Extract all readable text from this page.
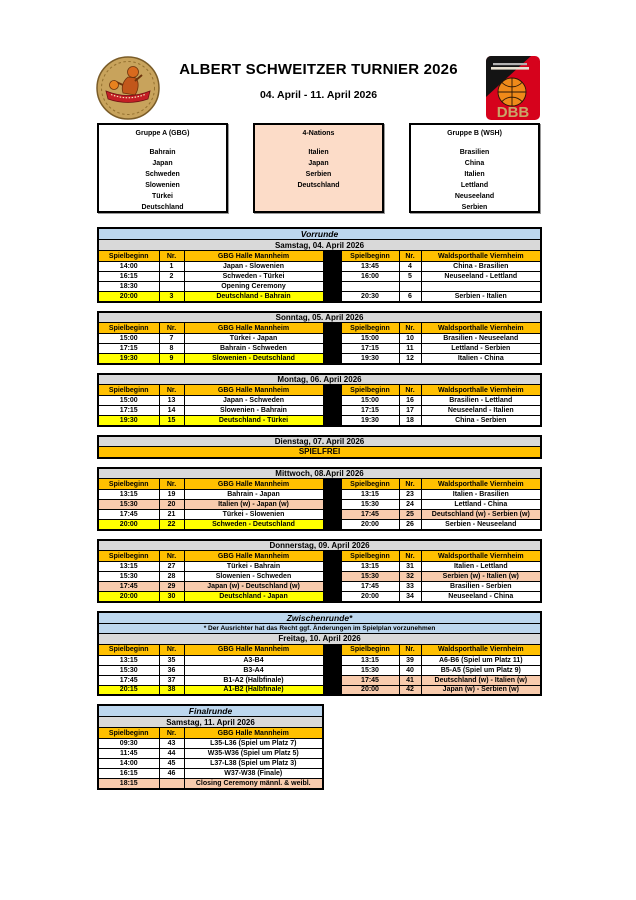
ALBERT SCHWEITZER TURNIER 2026
04. April - 11. April 2026
DBB
Gruppe A (GBG)
Bahrain
Japan
Schweden
Slowenien
Türkei
Deutschland
4-Nations
Italien
Japan
Serbien
Deutschland
Gruppe B (WSH)
Brasilien
China
Italien
Lettland
Neuseeland
Serbien
Vorrunde						
Samstag, 04. April 2026						
Spielbeginn	Nr.	GBG Halle Mannheim		Spielbeginn	Nr.	Waldsporthalle Viernheim
14:00	1	Japan - Slowenien		13:45	4	China - Brasilien
16:15	2	Schweden - Türkei		16:00	5	Neuseeland - Lettland
18:30		Opening Ceremony				
20:00	3	Deutschland - Bahrain		20:30	6	Serbien - Italien
Sonntag, 05. April 2026						
Spielbeginn	Nr.	GBG Halle Mannheim		Spielbeginn	Nr.	Waldsporthalle Viernheim
15:00	7	Türkei - Japan		15:00	10	Brasilien - Neuseeland
17:15	8	Bahrain - Schweden		17:15	11	Lettland - Serbien
19:30	9	Slowenien - Deutschland		19:30	12	Italien - China
Montag, 06. April 2026						
Spielbeginn	Nr.	GBG Halle Mannheim		Spielbeginn	Nr.	Waldsporthalle Viernheim
15:00	13	Japan - Schweden		15:00	16	Brasilien - Lettland
17:15	14	Slowenien - Bahrain		17:15	17	Neuseeland - Italien
19:30	15	Deutschland - Türkei		19:30	18	China - Serbien
Dienstag, 07. April 2026
SPIELFREI
Mittwoch, 08.April 2026						
Spielbeginn	Nr.	GBG Halle Mannheim		Spielbeginn	Nr.	Waldsporthalle Viernheim
13:15	19	Bahrain - Japan		13:15	23	Italien - Brasilien
15:30	20	Italien (w) - Japan (w)		15:30	24	Lettland - China
17:45	21	Türkei - Slowenien		17:45	25	Deutschland (w) - Serbien (w)
20:00	22	Schweden - Deutschland		20:00	26	Serbien - Neuseeland
Donnerstag, 09. April 2026						
Spielbeginn	Nr.	GBG Halle Mannheim		Spielbeginn	Nr.	Waldsporthalle Viernheim
13:15	27	Türkei - Bahrain		13:15	31	Italien - Lettland
15:30	28	Slowenien - Schweden		15:30	32	Serbien (w) - Italien (w)
17:45	29	Japan (w) - Deutschland (w)		17:45	33	Brasilien - Serbien
20:00	30	Deutschland - Japan		20:00	34	Neuseeland - China
Zwischenrunde*						
* Der Ausrichter hat das Recht ggf. Änderungen im Spielplan vorzunehmen						
Freitag, 10. April 2026						
Spielbeginn	Nr.	GBG Halle Mannheim		Spielbeginn	Nr.	Waldsporthalle Viernheim
13:15	35	A3-B4		13:15	39	A6-B6 (Spiel um Platz 11)
15:30	36	B3-A4		15:30	40	B5-A5 (Spiel um Platz 9)
17:45	37	B1-A2 (Halbfinale)		17:45	41	Deutschland (w) - Italien (w)
20:15	38	A1-B2 (Halbfinale)		20:00	42	Japan (w) - Serbien (w)
Finalrunde		
Samstag, 11. April 2026		
Spielbeginn	Nr.	GBG Halle Mannheim
09:30	43	L35-L36 (Spiel um Platz 7)
11:45	44	W35-W36 (Spiel um Platz 5)
14:00	45	L37-L38 (Spiel um Platz 3)
16:15	46	W37-W38 (Finale)
18:15		Closing Ceremony männl. & weibl.
